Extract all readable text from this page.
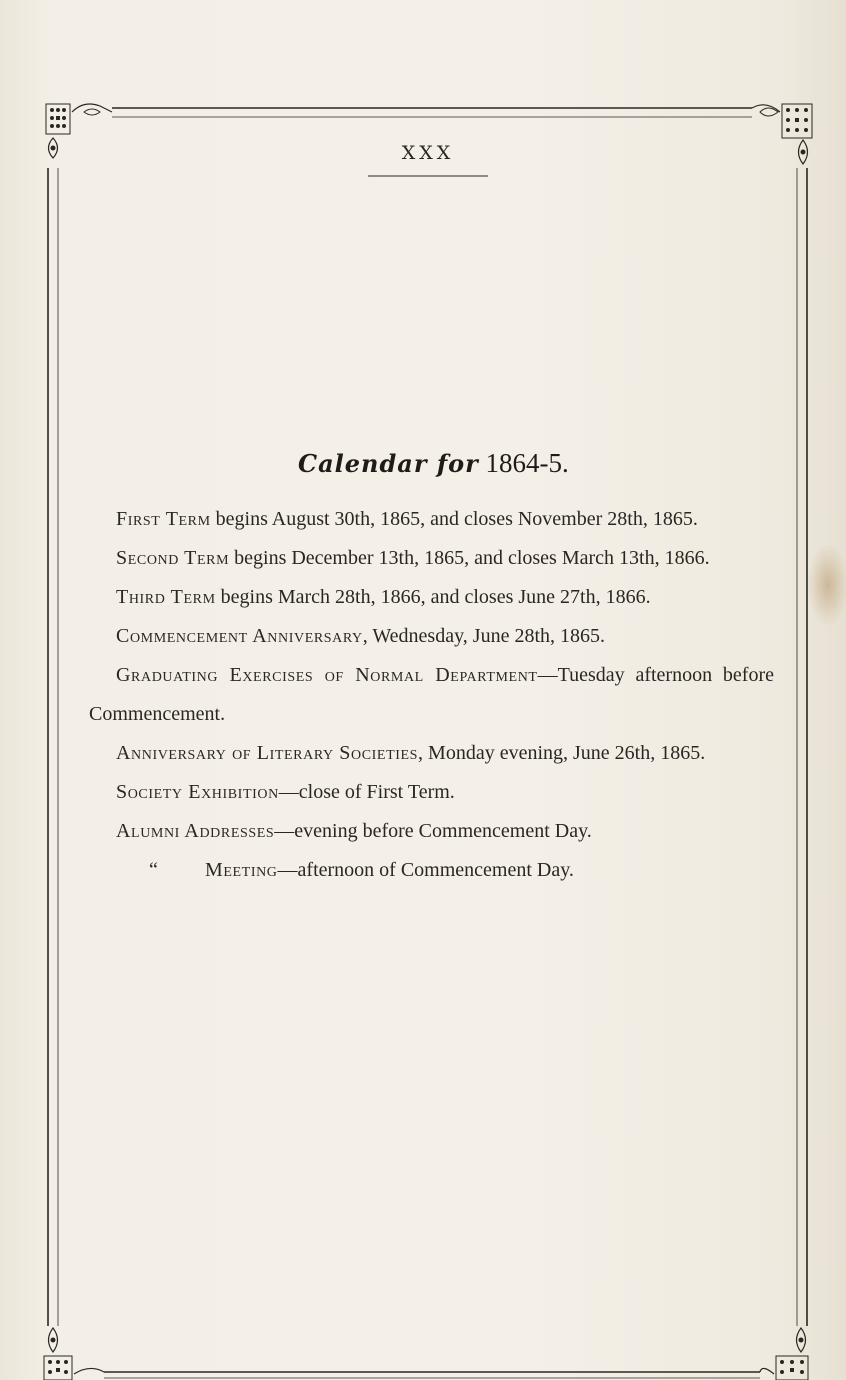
XXX
Calendar for 1864-5.

First Term begins August 30th, 1865, and closes November 28th, 1865.

Second Term begins December 13th, 1865, and closes March 13th, 1866.

Third Term begins March 28th, 1866, and closes June 27th, 1866.

Commencement Anniversary, Wednesday, June 28th, 1865.

Graduating Exercises of Normal Department—Tuesday afternoon before Commencement.

Anniversary of Literary Societies, Monday evening, June 26th, 1865.

Society Exhibition—close of First Term.

Alumni Addresses—evening before Commencement Day.

“ Meeting—afternoon of Commencement Day.
